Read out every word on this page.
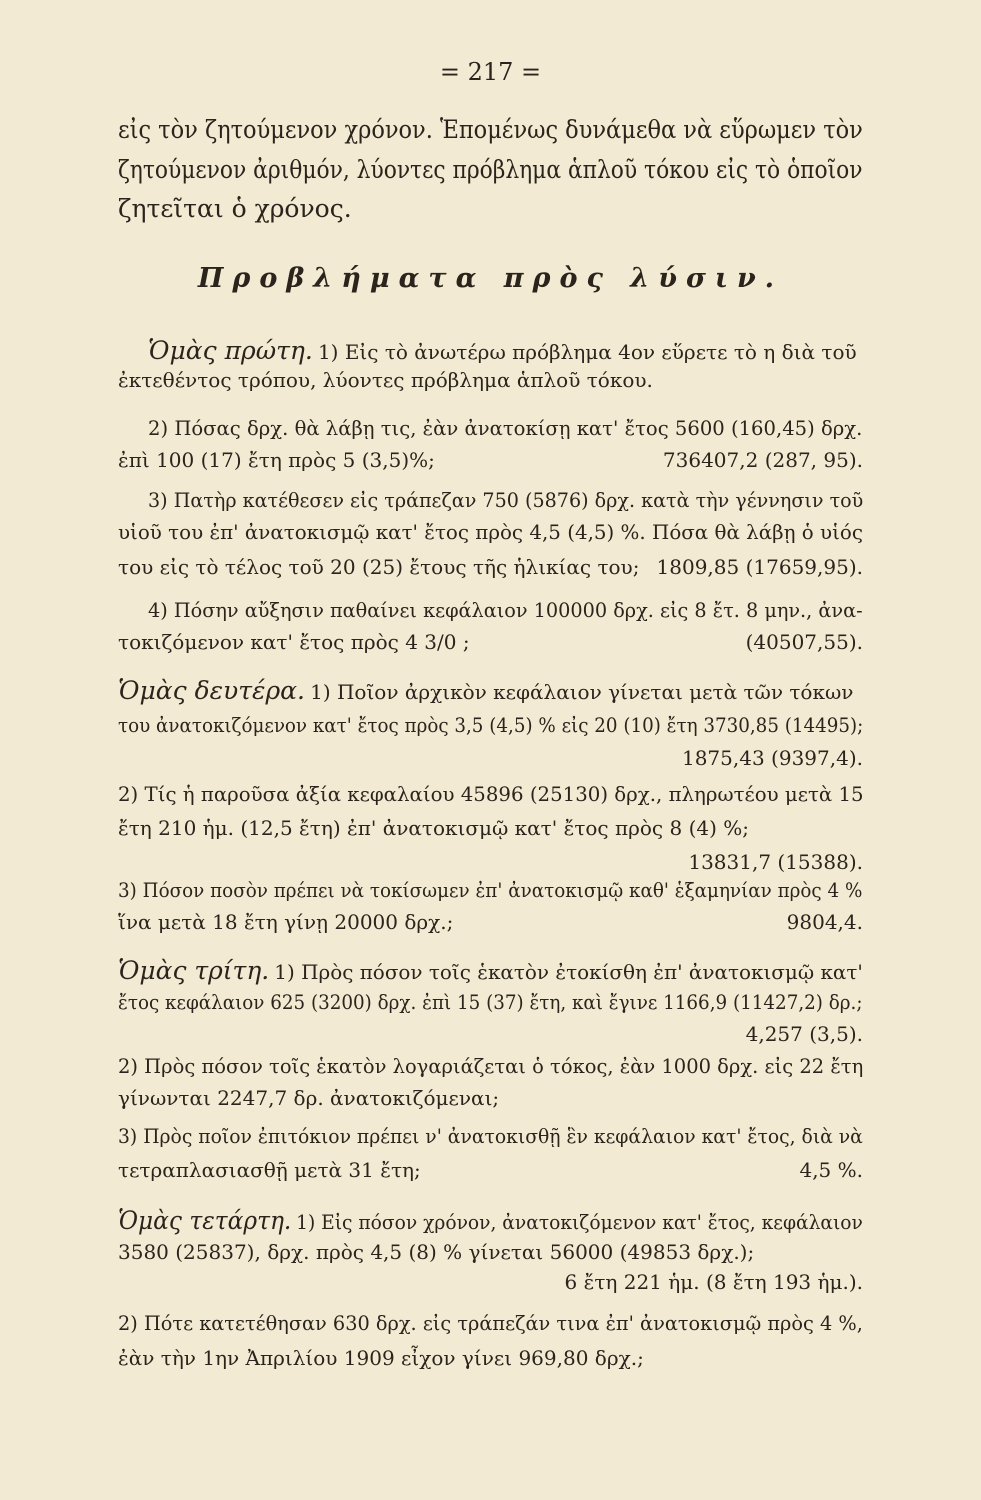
= 217 =
εἰς τὸν ζητούμενον χρόνον. Ἑπομένως δυνάμεθα νὰ εὕρωμεν τὸν
ζητούμενον ἀριθμόν, λύοντες πρόβλημα ἁπλοῦ τόκου εἰς τὸ ὁποῖον
ζητεῖται ὁ χρόνος.
Προβλήματα πρὸς λύσιν.
Ὁμὰς πρώτη. 1) Εἰς τὸ ἀνωτέρω πρόβλημα 4ον εὕρετε τὸ η διὰ τοῦ
ἐκτεθέντος τρόπου, λύοντες πρόβλημα ἁπλοῦ τόκου.
2) Πόσας δρχ. θὰ λάβῃ τις, ἐὰν ἀνατοκίσῃ κατ' ἔτος 5600 (160,45) δρχ.
ἐπὶ 100 (17) ἔτη πρὸς 5 (3,5)%;	736407,2 (287, 95).
3) Πατὴρ κατέθεσεν εἰς τράπεζαν 750 (5876) δρχ. κατὰ τὴν γέννησιν τοῦ
υἱοῦ του ἐπ' ἀνατοκισμῷ κατ' ἔτος πρὸς 4,5 (4,5) %. Πόσα θὰ λάβῃ ὁ υἱός
του εἰς τὸ τέλος τοῦ 20 (25) ἔτους τῆς ἡλικίας του; 1809,85 (17659,95).
4) Πόσην αὔξησιν παθαίνει κεφάλαιον 100000 δρχ. εἰς 8 ἔτ. 8 μην., ἀνα-
τοκιζόμενον κατ' ἔτος πρὸς 4 3/0 ;	(40507,55).
Ὁμὰς δευτέρα. 1) Ποῖον ἀρχικὸν κεφάλαιον γίνεται μετὰ τῶν τόκων
του ἀνατοκιζόμενον κατ' ἔτος πρὸς 3,5 (4,5) % εἰς 20 (10) ἔτη 3730,85 (14495);
1875,43 (9397,4).
2) Τίς ἡ παροῦσα ἀξία κεφαλαίου 45896 (25130) δρχ., πληρωτέου μετὰ 15
ἔτη 210 ἡμ. (12,5 ἔτη) ἐπ' ἀνατοκισμῷ κατ' ἔτος πρὸς 8 (4) %;
13831,7 (15388).
3) Πόσον ποσὸν πρέπει νὰ τοκίσωμεν ἐπ' ἀνατοκισμῷ καθ' ἑξαμηνίαν πρὸς 4 %
ἵνα μετὰ 18 ἔτη γίνῃ 20000 δρχ.;	9804,4.
Ὁμὰς τρίτη. 1) Πρὸς πόσον τοῖς ἑκατὸν ἐτοκίσθη ἐπ' ἀνατοκισμῷ κατ'
ἔτος κεφάλαιον 625 (3200) δρχ. ἐπὶ 15 (37) ἔτη, καὶ ἔγινε 1166,9 (11427,2) δρ.;
4,257 (3,5).
2) Πρὸς πόσον τοῖς ἑκατὸν λογαριάζεται ὁ τόκος, ἐὰν 1000 δρχ. εἰς 22 ἔτη
γίνωνται 2247,7 δρ. ἀνατοκιζόμεναι;
3) Πρὸς ποῖον ἐπιτόκιον πρέπει ν' ἀνατοκισθῇ ἓν κεφάλαιον κατ' ἔτος, διὰ νὰ
τετραπλασιασθῇ μετὰ 31 ἔτη;	4,5 %.
Ὁμὰς τετάρτη. 1) Εἰς πόσον χρόνον, ἀνατοκιζόμενον κατ' ἔτος, κεφάλαιον
3580 (25837), δρχ. πρὸς 4,5 (8) % γίνεται 56000 (49853 δρχ.);
6 ἔτη 221 ἡμ. (8 ἔτη 193 ἡμ.).
2) Πότε κατετέθησαν 630 δρχ. εἰς τράπεζάν τινα ἐπ' ἀνατοκισμῷ πρὸς 4 %,
ἐὰν τὴν 1ην Ἀπριλίου 1909 εἶχον γίνει 969,80 δρχ.;
